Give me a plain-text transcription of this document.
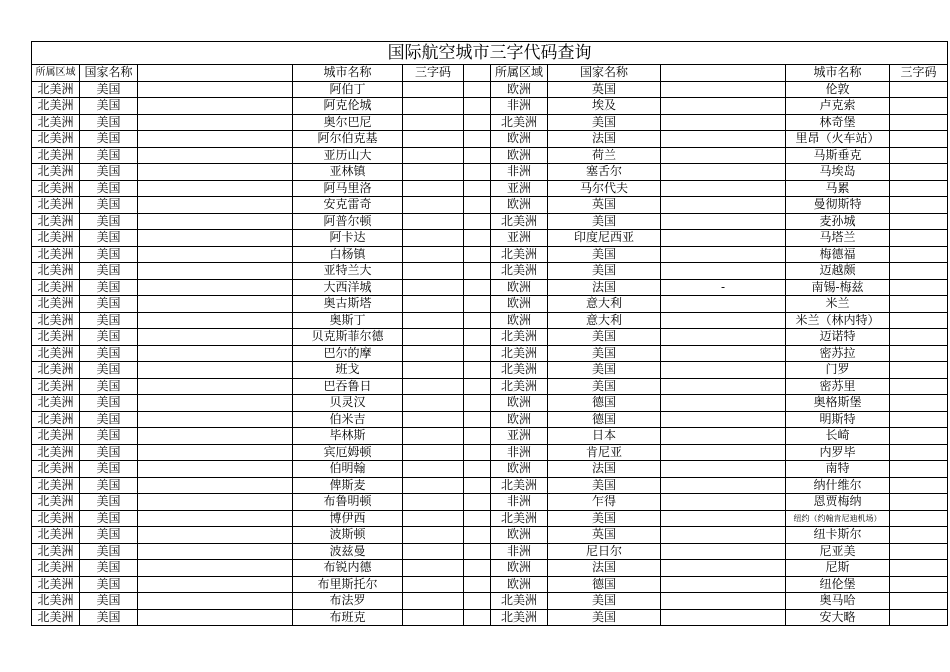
国际航空城市三字代码查询										
所属区域	国家名称		城市名称	三字码		所属区域	国家名称		城市名称	三字码
北美洲	美国		阿伯丁			欧洲	英国		伦敦	
北美洲	美国		阿克伦城			非洲	埃及		卢克索	
北美洲	美国		奥尔巴尼			北美洲	美国		林奇堡	
北美洲	美国		阿尔伯克基			欧洲	法国		里昂（火车站）	
北美洲	美国		亚历山大			欧洲	荷兰		马斯垂克	
北美洲	美国		亚林镇			非洲	塞舌尔		马埃岛	
北美洲	美国		阿马里洛			亚洲	马尔代夫		马累	
北美洲	美国		安克雷奇			欧洲	英国		曼彻斯特	
北美洲	美国		阿普尔顿			北美洲	美国		麦孙城	
北美洲	美国		阿卡达			亚洲	印度尼西亚		马塔兰	
北美洲	美国		白杨镇			北美洲	美国		梅德福	
北美洲	美国		亚特兰大			北美洲	美国		迈越颇	
北美洲	美国		大西洋城			欧洲	法国	-	南锡-梅兹	
北美洲	美国		奥古斯塔			欧洲	意大利		米兰	
北美洲	美国		奥斯丁			欧洲	意大利		米兰（林内特）	
北美洲	美国		贝克斯菲尔德			北美洲	美国		迈诺特	
北美洲	美国		巴尔的摩			北美洲	美国		密苏拉	
北美洲	美国		班戈			北美洲	美国		门罗	
北美洲	美国		巴吞鲁日			北美洲	美国		密苏里	
北美洲	美国		贝灵汉			欧洲	德国		奥格斯堡	
北美洲	美国		伯米吉			欧洲	德国		明斯特	
北美洲	美国		毕林斯			亚洲	日本		长崎	
北美洲	美国		宾厄姆顿			非洲	肯尼亚		内罗毕	
北美洲	美国		伯明翰			欧洲	法国		南特	
北美洲	美国		俾斯麦			北美洲	美国		纳什维尔	
北美洲	美国		布鲁明顿			非洲	乍得		恩贾梅纳	
北美洲	美国		博伊西			北美洲	美国		纽约（约翰肯尼迪机场）	
北美洲	美国		波斯顿			欧洲	英国		纽卡斯尔	
北美洲	美国		波兹曼			非洲	尼日尔		尼亚美	
北美洲	美国		布锐内德			欧洲	法国		尼斯	
北美洲	美国		布里斯托尔			欧洲	德国		纽伦堡	
北美洲	美国		布法罗			北美洲	美国		奥马哈	
北美洲	美国		布班克			北美洲	美国		安大略	
